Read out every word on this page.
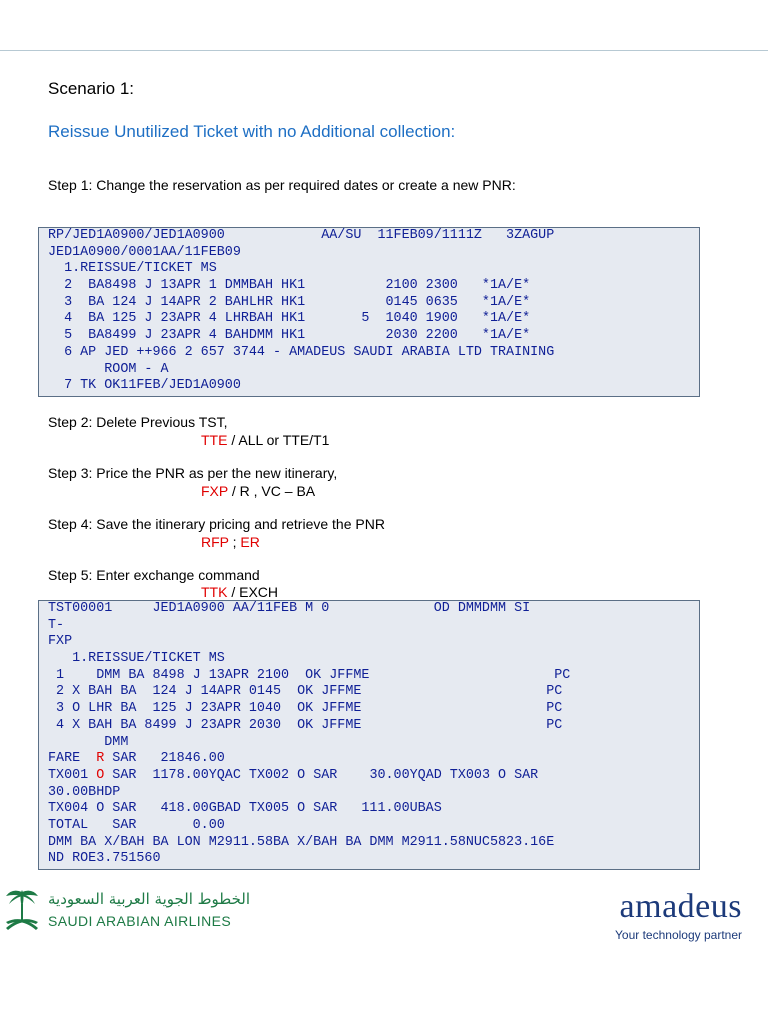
Scenario 1:
Reissue Unutilized Ticket with no Additional collection:
Step 1: Change the reservation as per required dates or create a new PNR:
RP/JED1A0900/JED1A0900            AA/SU  11FEB09/1111Z   3ZAGUP
JED1A0900/0001AA/11FEB09
1.REISSUE/TICKET MS
2  BA8498 J 13APR 1 DMMBAH HK1          2100 2300   *1A/E*
3  BA 124 J 14APR 2 BAHLHR HK1          0145 0635   *1A/E*
4  BA 125 J 23APR 4 LHRBAH HK1       5  1040 1900   *1A/E*
5  BA8499 J 23APR 4 BAHDMM HK1          2030 2200   *1A/E*
6 AP JED ++966 2 657 3744 - AMADEUS SAUDI ARABIA LTD TRAINING
ROOM - A
7 TK OK11FEB/JED1A0900
Step 2: Delete Previous TST,
TTE / ALL or TTE/T1
Step 3: Price the PNR as per the new itinerary,
FXP / R , VC – BA
Step 4: Save the itinerary pricing and retrieve the PNR
RFP ; ER
Step 5: Enter exchange command
TTK / EXCH
TST00001     JED1A0900 AA/11FEB M 0             OD DMMDMM SI
T-
FXP
1.REISSUE/TICKET MS
1    DMM BA 8498 J 13APR 2100  OK JFFME                       PC
2 X BAH BA  124 J 14APR 0145  OK JFFME                       PC
3 O LHR BA  125 J 23APR 1040  OK JFFME                       PC
4 X BAH BA 8499 J 23APR 2030  OK JFFME                       PC
DMM
FARE  R SAR   21846.00
TX001 O SAR  1178.00YQAC TX002 O SAR    30.00YQAD TX003 O SAR
30.00BHDP
TX004 O SAR   418.00GBAD TX005 O SAR   111.00UBAS
TOTAL   SAR       0.00
DMM BA X/BAH BA LON M2911.58BA X/BAH BA DMM M2911.58NUC5823.16E
ND ROE3.751560
الخطوط الجوية العربية السعودية
SAUDI ARABIAN AIRLINES	amadeus
Your technology partner
